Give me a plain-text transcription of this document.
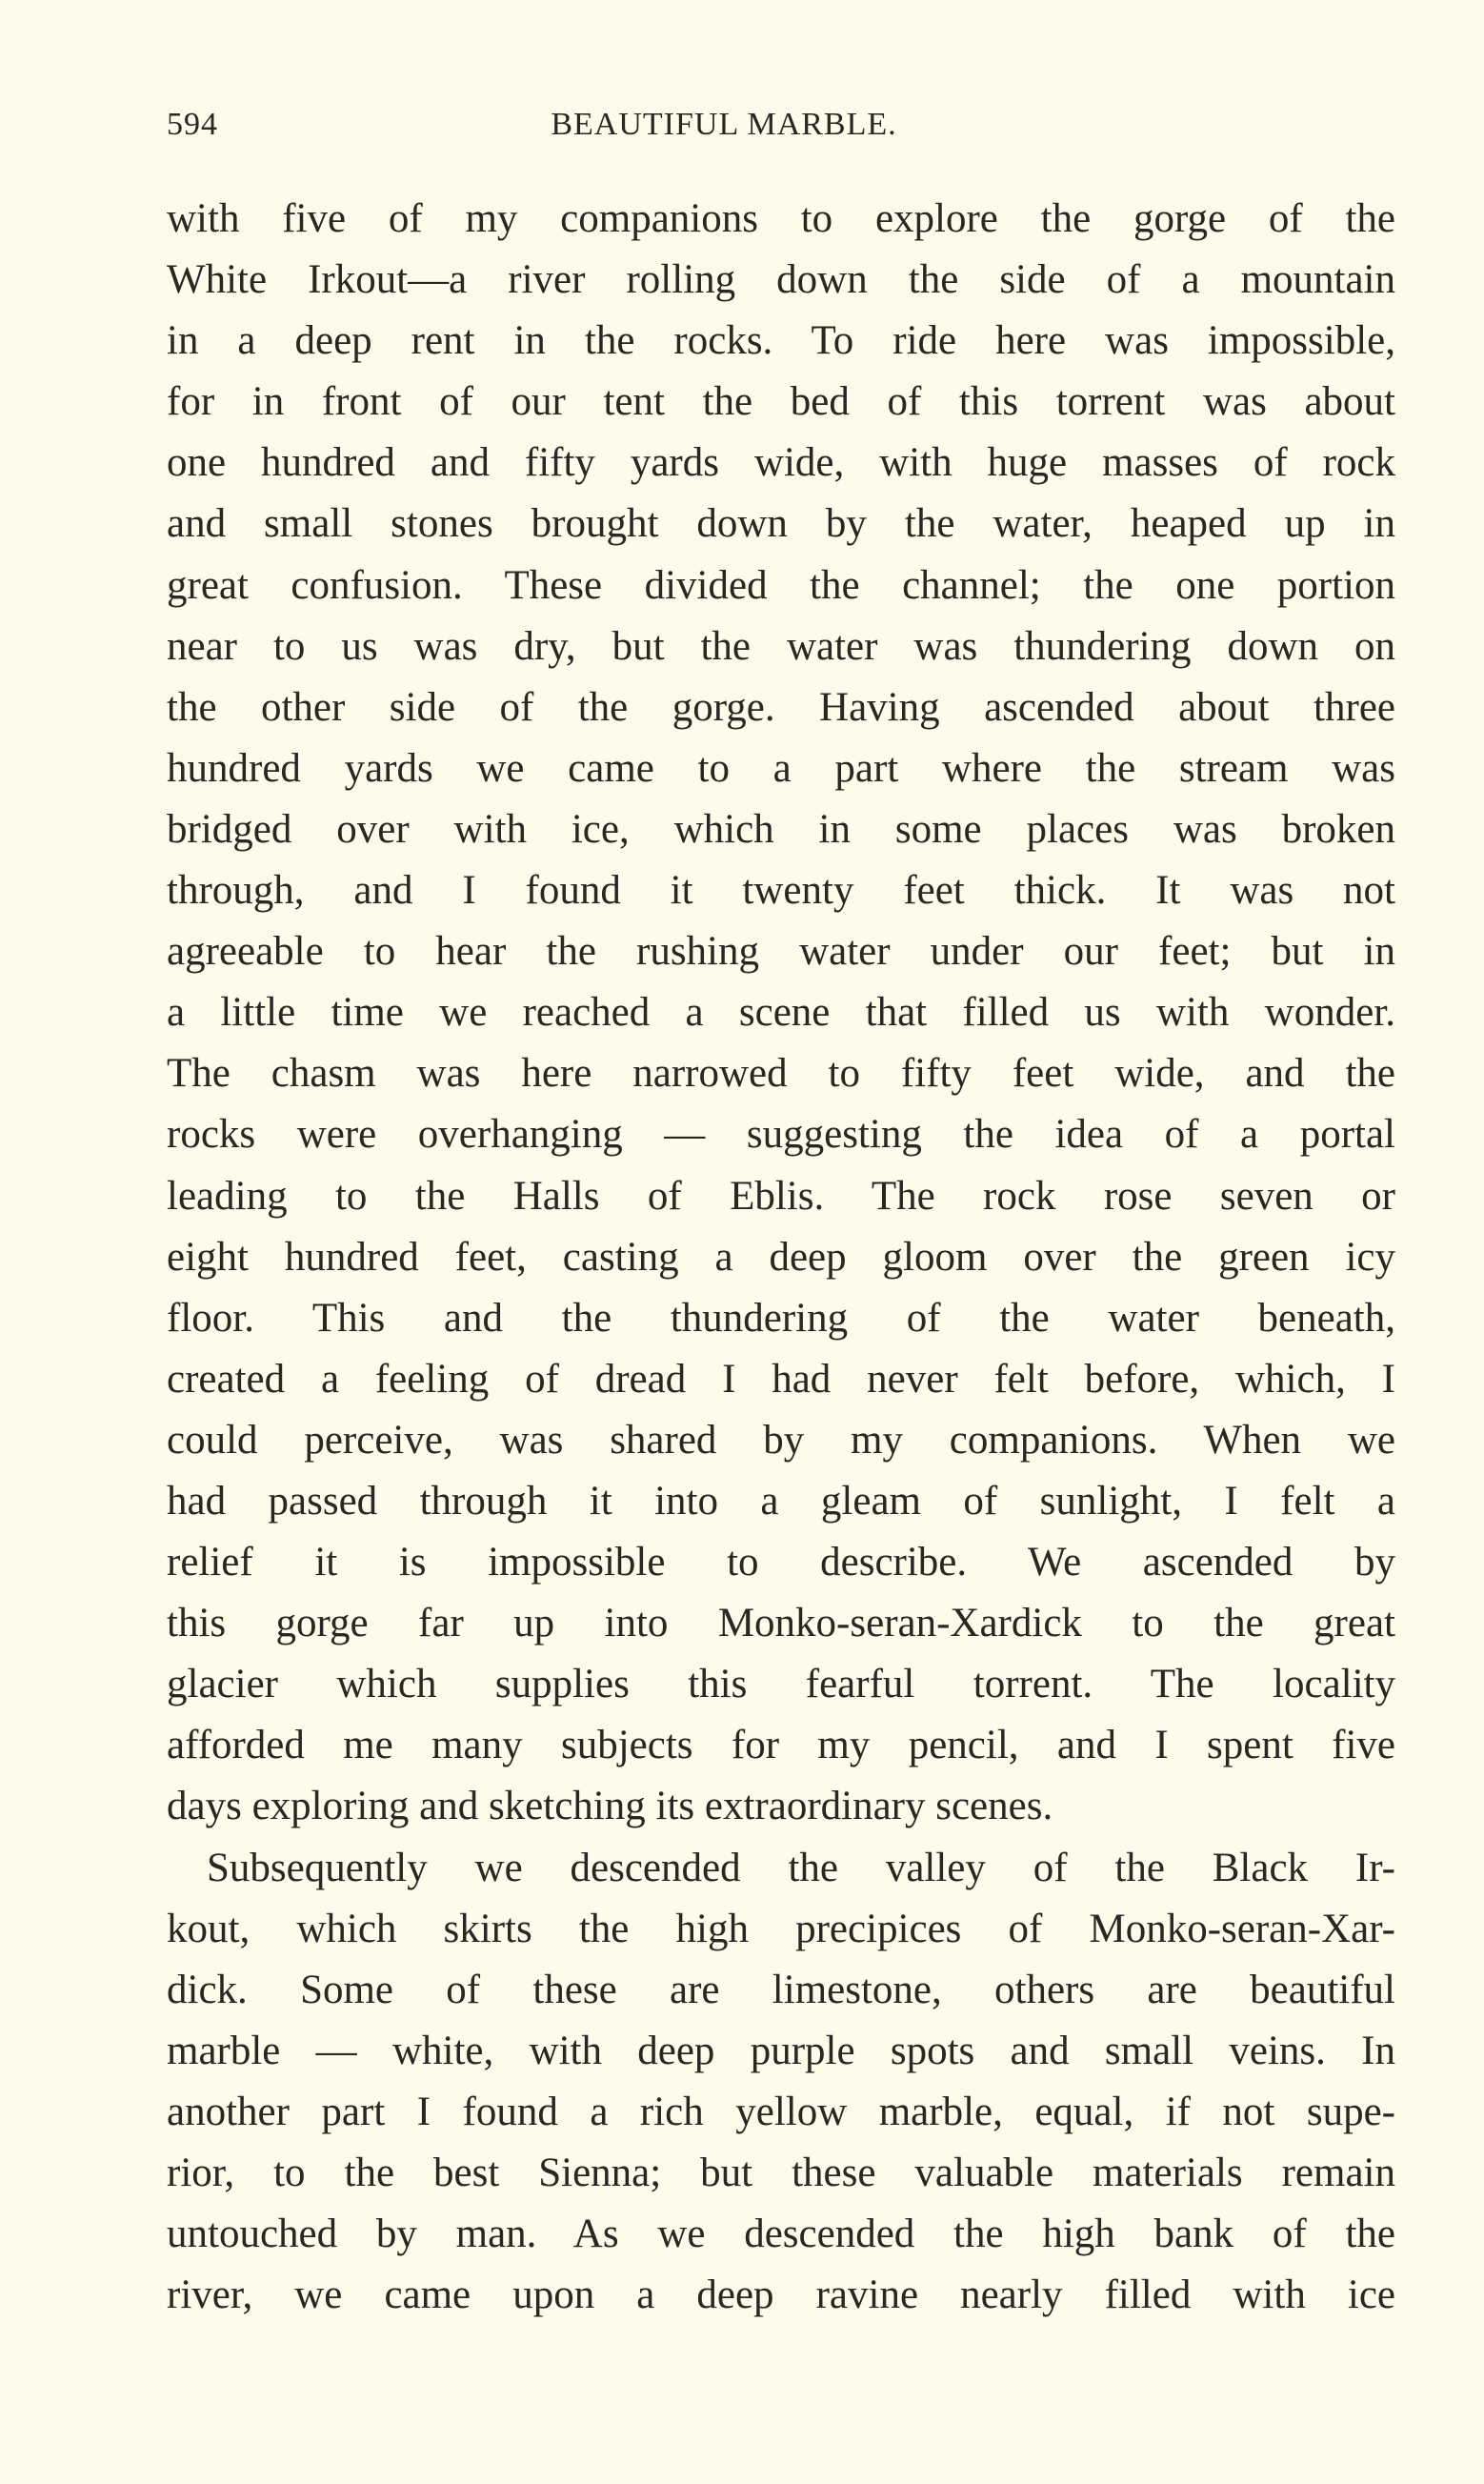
594	BEAUTIFUL MARBLE.
with five of my companions to explore the gorge of the
White Irkout—a river rolling down the side of a mountain
in a deep rent in the rocks. To ride here was impossible,
for in front of our tent the bed of this torrent was about
one hundred and fifty yards wide, with huge masses of rock
and small stones brought down by the water, heaped up in
great confusion. These divided the channel; the one portion
near to us was dry, but the water was thundering down on
the other side of the gorge. Having ascended about three
hundred yards we came to a part where the stream was
bridged over with ice, which in some places was broken
through, and I found it twenty feet thick. It was not
agreeable to hear the rushing water under our feet; but in
a little time we reached a scene that filled us with wonder.
The chasm was here narrowed to fifty feet wide, and the
rocks were overhanging — suggesting the idea of a portal
leading to the Halls of Eblis. The rock rose seven or
eight hundred feet, casting a deep gloom over the green icy
floor. This and the thundering of the water beneath,
created a feeling of dread I had never felt before, which, I
could perceive, was shared by my companions. When we
had passed through it into a gleam of sunlight, I felt a
relief it is impossible to describe. We ascended by
this gorge far up into Monko-seran-Xardick to the great
glacier which supplies this fearful torrent. The locality
afforded me many subjects for my pencil, and I spent five
days exploring and sketching its extraordinary scenes.
Subsequently we descended the valley of the Black Ir-
kout, which skirts the high precipices of Monko-seran-Xar-
dick. Some of these are limestone, others are beautiful
marble — white, with deep purple spots and small veins. In
another part I found a rich yellow marble, equal, if not supe-
rior, to the best Sienna; but these valuable materials remain
untouched by man. As we descended the high bank of the
river, we came upon a deep ravine nearly filled with ice
